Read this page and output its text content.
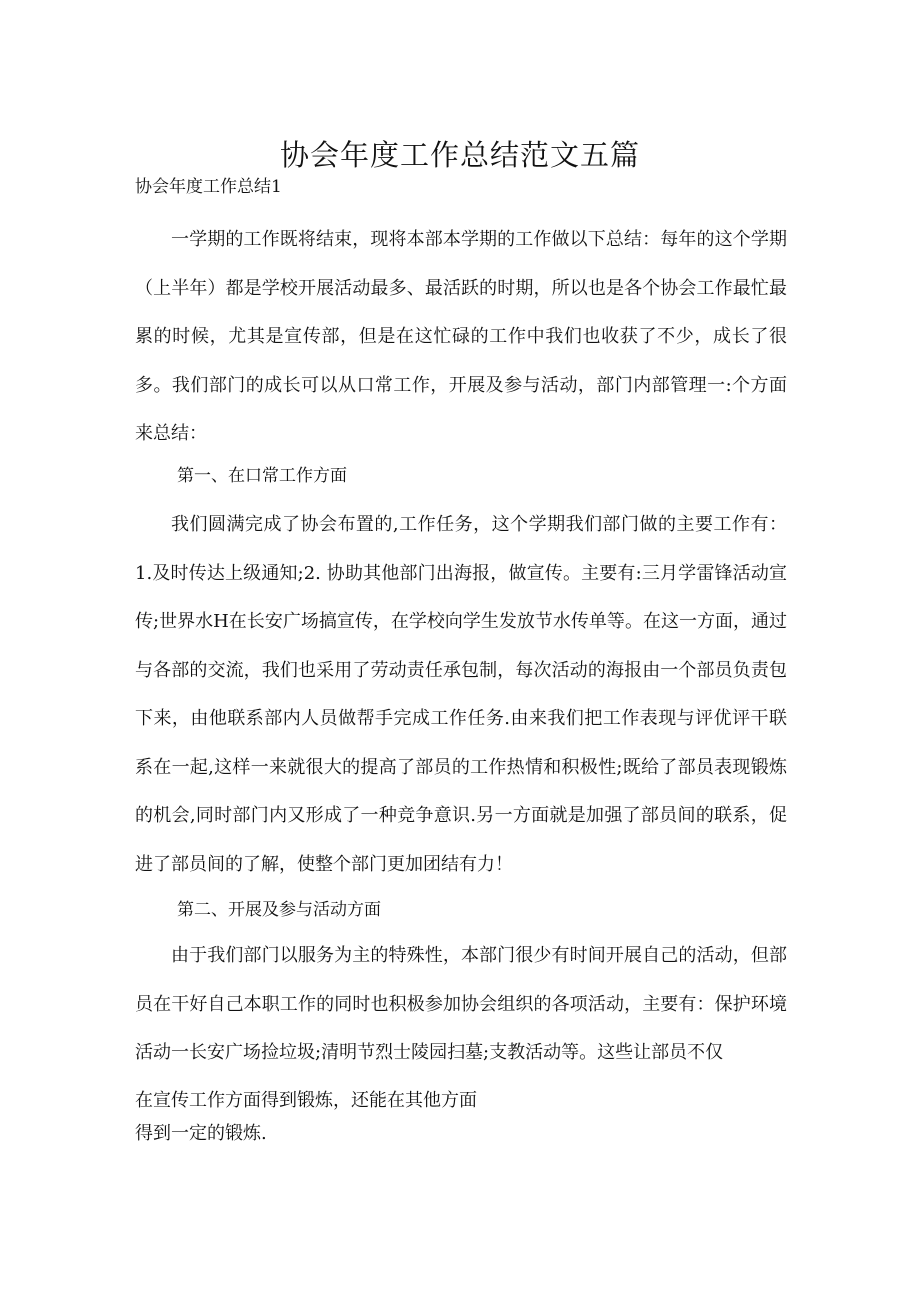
协会年度工作总结范文五篇
协会年度工作总结1

一学期的工作既将结束，现将本部本学期的工作做以下总结：每年的这个学期（上半年）都是学校开展活动最多、最活跃的时期，所以也是各个协会工作最忙最累的时候，尤其是宣传部，但是在这忙碌的工作中我们也收获了不少，成长了很多。我们部门的成长可以从口常工作，开展及参与活动，部门内部管理一:个方面来总结：

第一、在口常工作方面

我们圆满完成了协会布置的,工作任务，这个学期我们部门做的主要工作有：1.及时传达上级通知;2. 协助其他部门出海报，做宣传。主要有:三月学雷锋活动宣传;世界水H在长安广场搞宣传，在学校向学生发放节水传单等。在这一方面，通过与各部的交流，我们也采用了劳动责任承包制，每次活动的海报由一个部员负责包下来，由他联系部内人员做帮手完成工作任务.由来我们把工作表现与评优评干联系在一起,这样一来就很大的提高了部员的工作热情和积极性;既给了部员表现锻炼的机会,同时部门内又形成了一种竞争意识.另一方面就是加强了部员间的联系，促进了部员间的了解，使整个部门更加团结有力！

第二、开展及参与活动方面

由于我们部门以服务为主的特殊性，本部门很少有时间开展自己的活动，但部员在干好自己本职工作的同时也积极参加协会组织的各项活动，主要有：保护环境活动一长安广场捡垃圾;清明节烈士陵园扫墓;支教活动等。这些让部员不仅

在宣传工作方面得到锻炼，还能在其他方面
得到一定的锻炼.
